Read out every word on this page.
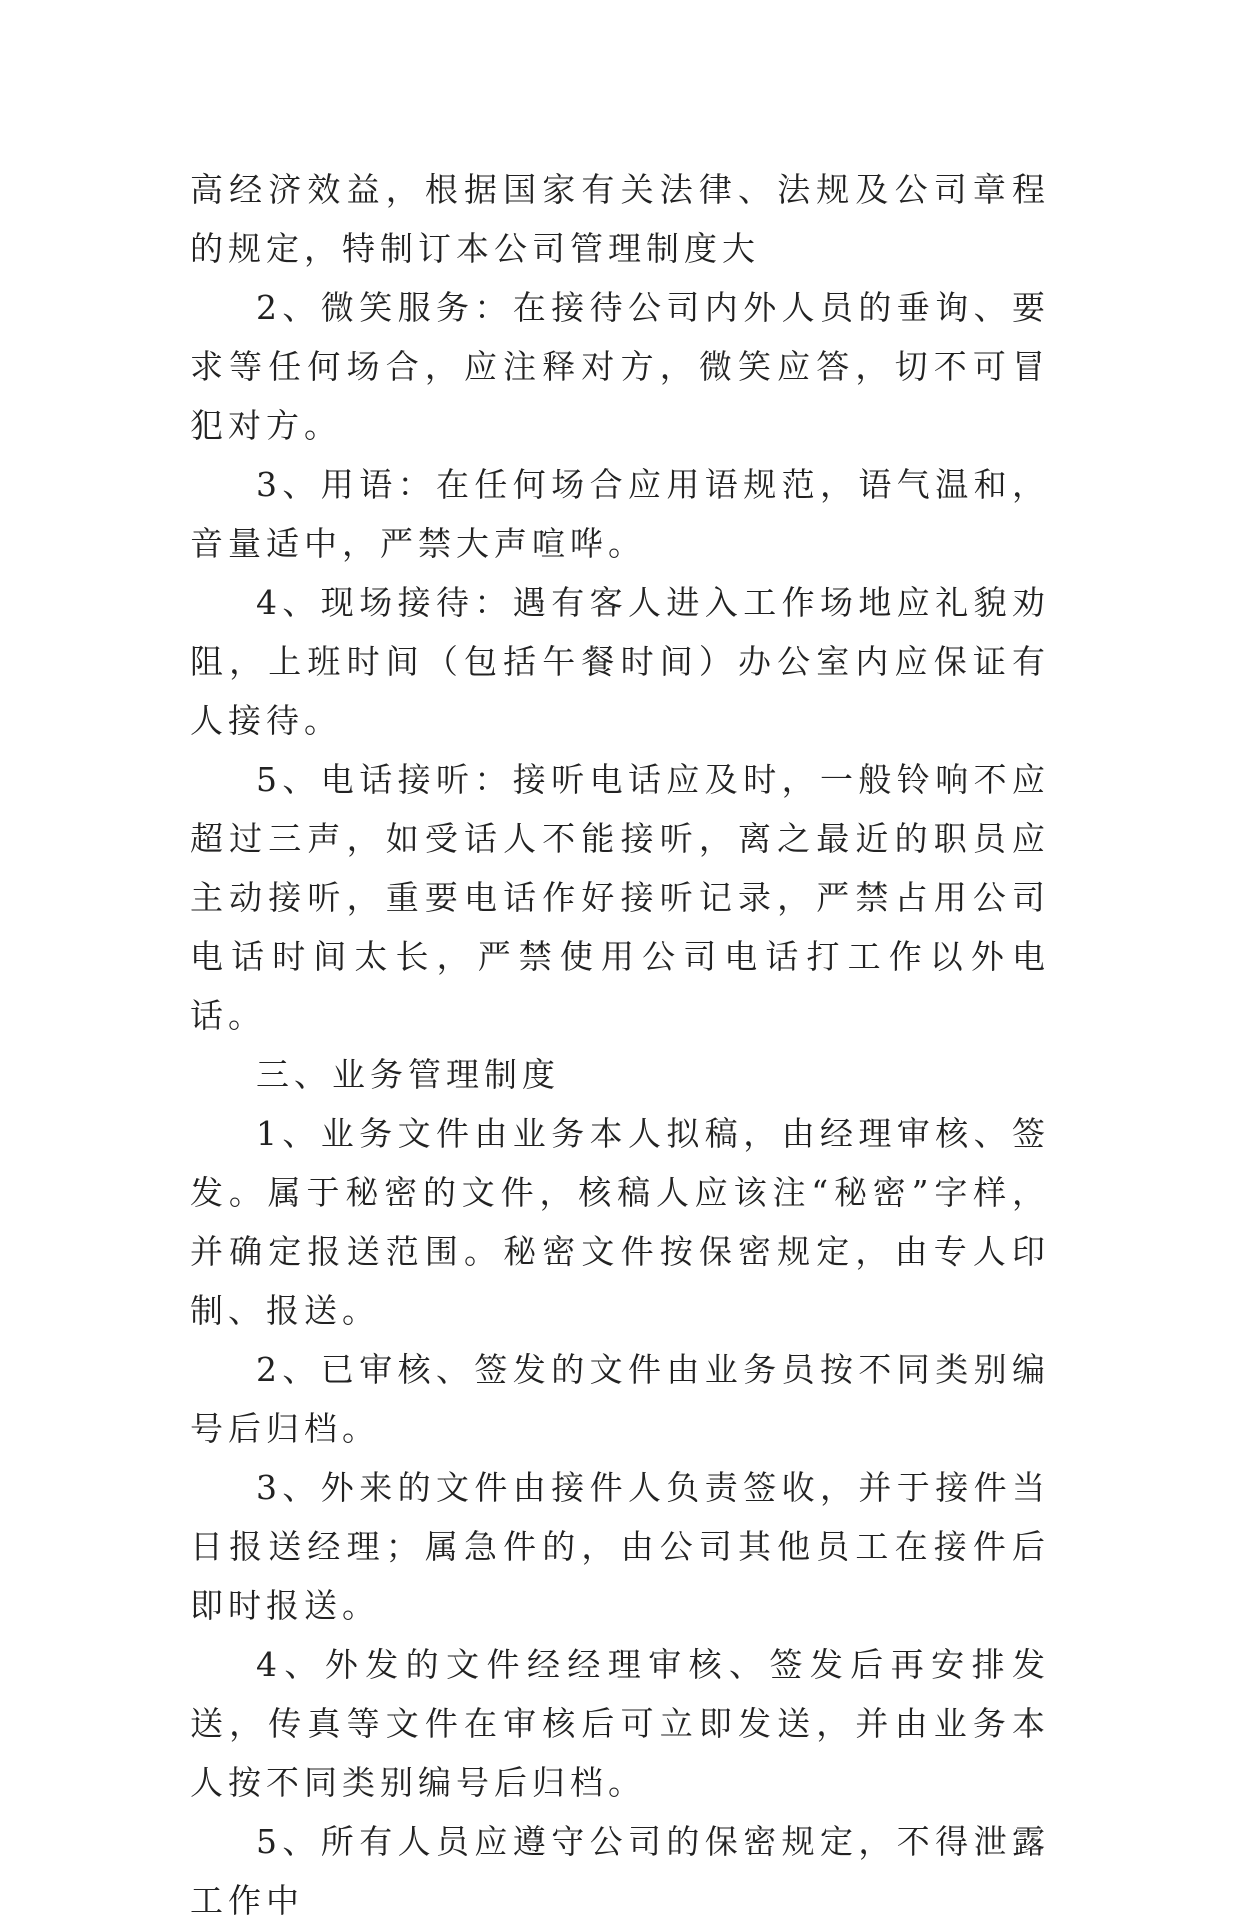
高经济效益，根据国家有关法律、法规及公司章程的规定，特制订本公司管理制度大

2、微笑服务：在接待公司内外人员的垂询、要求等任何场合，应注释对方，微笑应答，切不可冒犯对方。

3、用语：在任何场合应用语规范，语气温和，音量适中，严禁大声喧哗。

4、现场接待：遇有客人进入工作场地应礼貌劝阻，上班时间（包括午餐时间）办公室内应保证有人接待。

5、电话接听：接听电话应及时，一般铃响不应超过三声，如受话人不能接听，离之最近的职员应主动接听，重要电话作好接听记录，严禁占用公司电话时间太长，严禁使用公司电话打工作以外电话。

三、业务管理制度

1、业务文件由业务本人拟稿，由经理审核、签发。属于秘密的文件，核稿人应该注“秘密”字样，并确定报送范围。秘密文件按保密规定，由专人印制、报送。

2、已审核、签发的文件由业务员按不同类别编号后归档。

3、外来的文件由接件人负责签收，并于接件当日报送经理；属急件的，由公司其他员工在接件后即时报送。

4、外发的文件经经理审核、签发后再安排发送，传真等文件在审核后可立即发送，并由业务本人按不同类别编号后归档。

5、所有人员应遵守公司的保密规定，不得泄露工作中
